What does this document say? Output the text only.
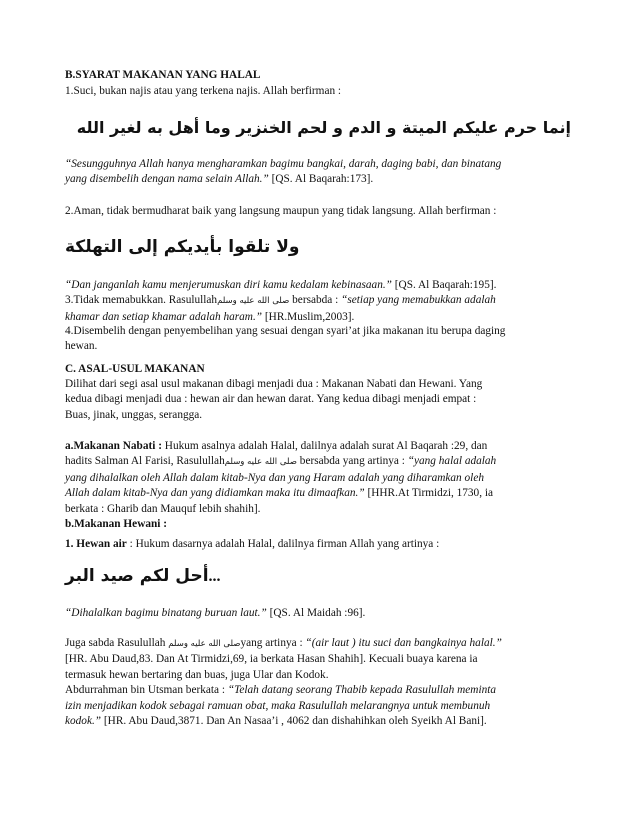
B.SYARAT MAKANAN YANG HALAL
1.Suci, bukan najis atau yang terkena najis. Allah berfirman :
إنما حرم عليكم الميتة و الدم و لحم الخنزير وما أهل به لغير الله
“Sesungguhnya Allah hanya mengharamkan bagimu bangkai, darah, daging babi, dan binatang
yang disembelih dengan nama selain Allah.” [QS. Al Baqarah:173].
2.Aman, tidak bermudharat baik yang langsung maupun yang tidak langsung. Allah berfirman :
ولا تلقوا بأيديكم إلى التهلكة
“Dan janganlah kamu menjerumuskan diri kamu kedalam kebinasaan.” [QS. Al Baqarah:195].
3.Tidak memabukkan. Rasulullahصلى الله عليه وسلم bersabda : “setiap yang memabukkan adalah
khamar dan setiap khamar adalah haram.” [HR.Muslim,2003].
4.Disembelih dengan penyembelihan yang sesuai dengan syari’at jika makanan itu berupa daging
hewan.
C. ASAL-USUL MAKANAN
Dilihat dari segi asal usul makanan dibagi menjadi dua : Makanan Nabati dan Hewani. Yang
kedua dibagi menjadi dua : hewan air dan hewan darat. Yang kedua dibagi menjadi empat :
Buas, jinak, unggas, serangga.
a.Makanan Nabati : Hukum asalnya adalah Halal, dalilnya adalah surat Al Baqarah :29, dan
hadits Salman Al Farisi, Rasulullahصلى الله عليه وسلم bersabda yang artinya : “yang halal adalah
yang dihalalkan oleh Allah dalam kitab-Nya dan yang Haram adalah yang diharamkan oleh
Allah dalam kitab-Nya dan yang didiamkan maka itu dimaafkan.” [HHR.At Tirmidzi, 1730, ia
berkata : Gharib dan Mauquf lebih shahih].
b.Makanan Hewani :
1. Hewan air : Hukum dasarnya adalah Halal, dalilnya firman Allah yang artinya :
أحل لكم صيد البر...
“Dihalalkan bagimu binatang buruan laut.” [QS. Al Maidah :96].
Juga sabda Rasulullah صلى الله عليه وسلمyang artinya : “(air laut ) itu suci dan bangkainya halal.”
[HR. Abu Daud,83. Dan At Tirmidzi,69, ia berkata Hasan Shahih]. Kecuali buaya karena ia
termasuk hewan bertaring dan buas, juga Ular dan Kodok.
Abdurrahman bin Utsman berkata : “Telah datang seorang Thabib kepada Rasulullah meminta
izin menjadikan kodok sebagai ramuan obat, maka Rasulullah melarangnya untuk membunuh
kodok.” [HR. Abu Daud,3871. Dan An Nasaa’i , 4062 dan dishahihkan oleh Syeikh Al Bani].
